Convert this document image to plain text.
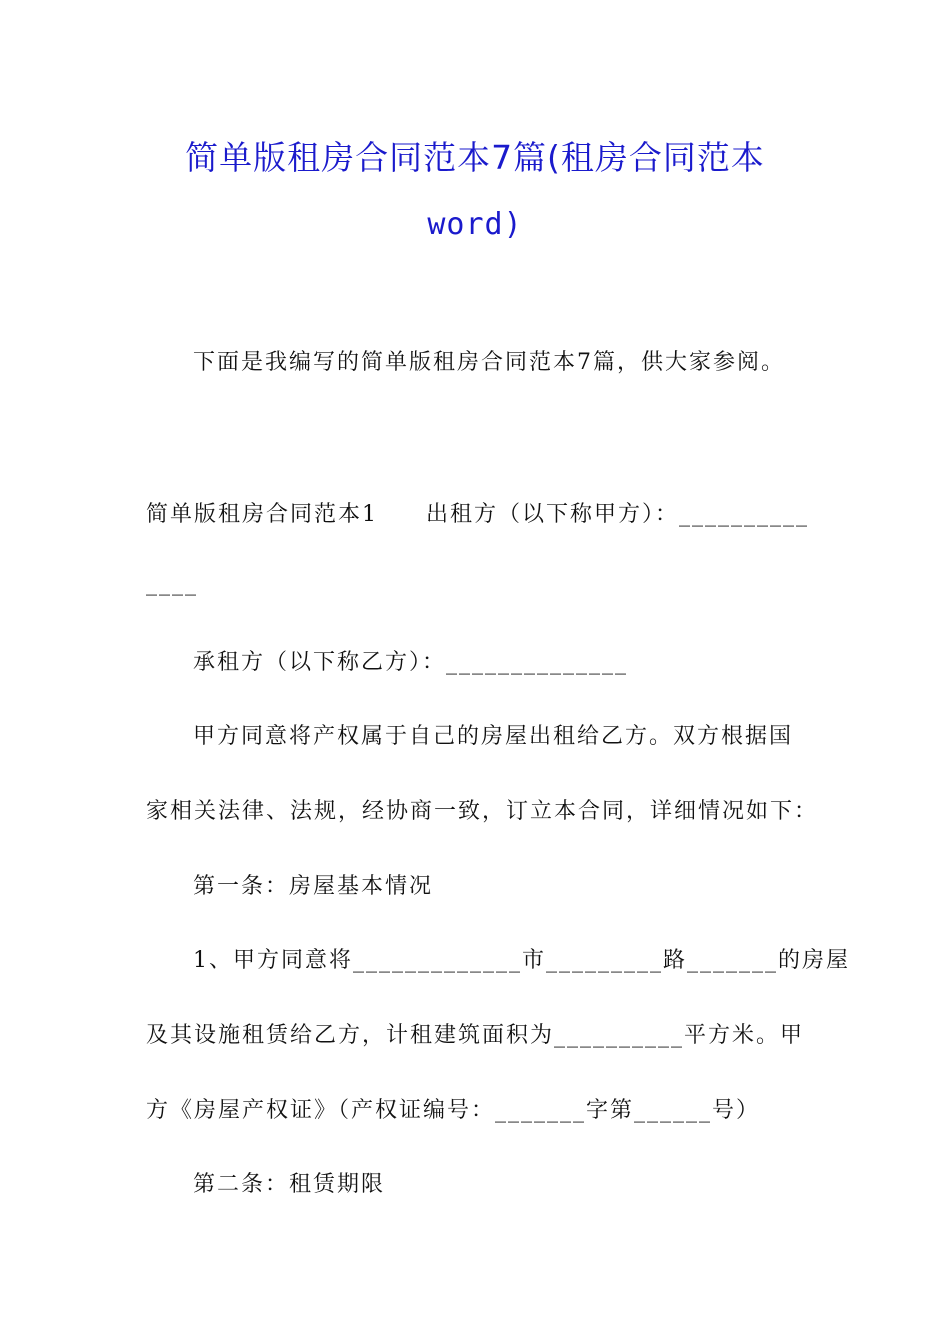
简单版租房合同范本7篇(租房合同范本
word)
下面是我编写的简单版租房合同范本7篇，供大家参阅。
简单版租房合同范本1　　出租方（以下称甲方）：__________
____
承租方（以下称乙方）：______________
甲方同意将产权属于自己的房屋出租给乙方。双方根据国
家相关法律、法规，经协商一致，订立本合同，详细情况如下：
第一条：房屋基本情况
1、甲方同意将_____________市_________路_______的房屋
及其设施租赁给乙方，计租建筑面积为__________平方米。甲
方《房屋产权证》（产权证编号：_______字第______号）
第二条：租赁期限
